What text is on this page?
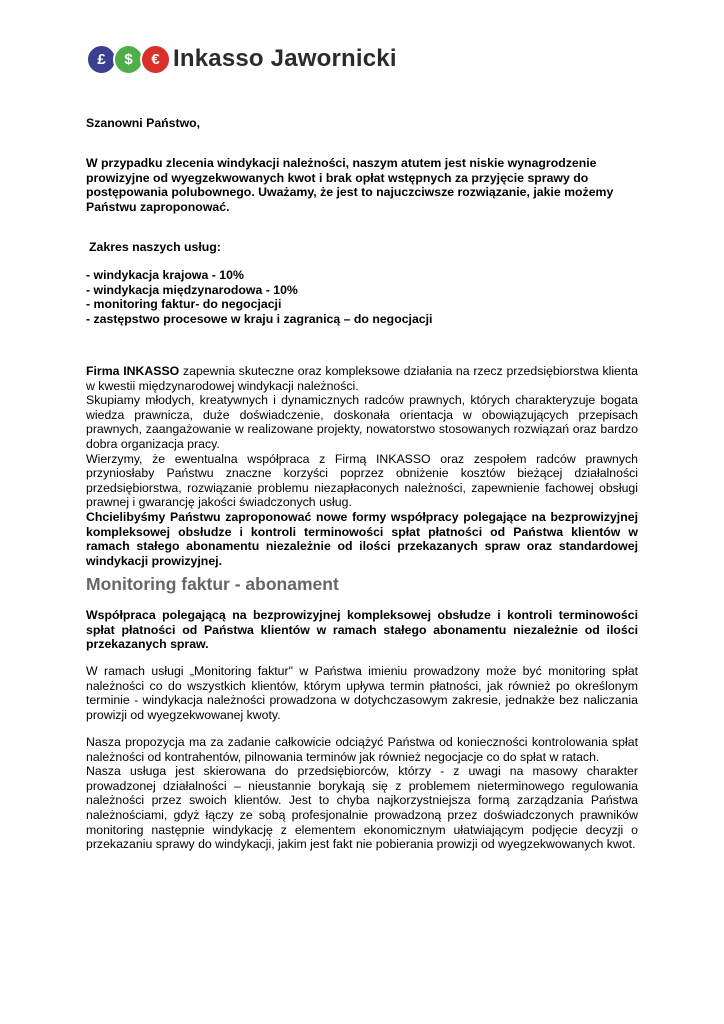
£	$	€ Inkasso Jawornicki

Szanowni Państwo,

W przypadku zlecenia windykacji należności, naszym atutem jest niskie wynagrodzenie prowizyjne od wyegzekwowanych kwot i brak opłat wstępnych za przyjęcie sprawy do postępowania polubownego. Uważamy, że jest to najuczciwsze rozwiązanie, jakie możemy Państwu zaproponować.

Zakres naszych usług:

- windykacja krajowa - 10%
- windykacja międzynarodowa - 10%
- monitoring faktur- do negocjacji
- zastępstwo procesowe w kraju i zagranicą – do negocjacji

Firma INKASSO zapewnia skuteczne oraz kompleksowe działania na rzecz przedsiębiorstwa klienta w kwestii międzynarodowej windykacji należności.

Skupiamy młodych, kreatywnych i dynamicznych radców prawnych, których charakteryzuje bogata wiedza prawnicza, duże doświadczenie, doskonała orientacja w obowiązujących przepisach prawnych, zaangażowanie w realizowane projekty, nowatorstwo stosowanych rozwiązań oraz bardzo dobra organizacja pracy.

Wierzymy, że ewentualna współpraca z Firmą INKASSO oraz zespołem radców prawnych przyniosłaby Państwu znaczne korzyści poprzez obniżenie kosztów bieżącej działalności przedsiębiorstwa, rozwiązanie problemu niezapłaconych należności, zapewnienie fachowej obsługi prawnej i gwarancję jakości świadczonych usług.

Chcielibyśmy Państwu zaproponować nowe formy współpracy polegające na bezprowizyjnej kompleksowej obsłudze i kontroli terminowości spłat płatności od Państwa klientów w ramach stałego abonamentu niezależnie od ilości przekazanych spraw oraz standardowej windykacji prowizyjnej.

Monitoring faktur - abonament

Współpraca polegającą na bezprowizyjnej kompleksowej obsłudze i kontroli terminowości spłat płatności od Państwa klientów w ramach stałego abonamentu niezależnie od ilości przekazanych spraw.

W ramach usługi „Monitoring faktur" w Państwa imieniu prowadzony może być monitoring spłat należności co do wszystkich klientów, którym upływa termin płatności, jak również po określonym terminie - windykacja należności prowadzona w dotychczasowym zakresie, jednakże bez naliczania prowizji od wyegzekwowanej kwoty.

Nasza propozycja ma za zadanie całkowicie odciążyć Państwa od konieczności kontrolowania spłat należności od kontrahentów, pilnowania terminów jak również negocjacje co do spłat w ratach.

Nasza usługa jest skierowana do przedsiębiorców, którzy - z uwagi na masowy charakter prowadzonej działalności – nieustannie borykają się z problemem nieterminowego regulowania należności przez swoich klientów. Jest to chyba najkorzystniejsza formą zarządzania Państwa należnościami, gdyż łączy ze sobą profesjonalnie prowadzoną przez doświadczonych prawników monitoring następnie windykację z elementem ekonomicznym ułatwiającym podjęcie decyzji o przekazaniu sprawy do windykacji, jakim jest fakt nie pobierania prowizji od wyegzekwowanych kwot.
